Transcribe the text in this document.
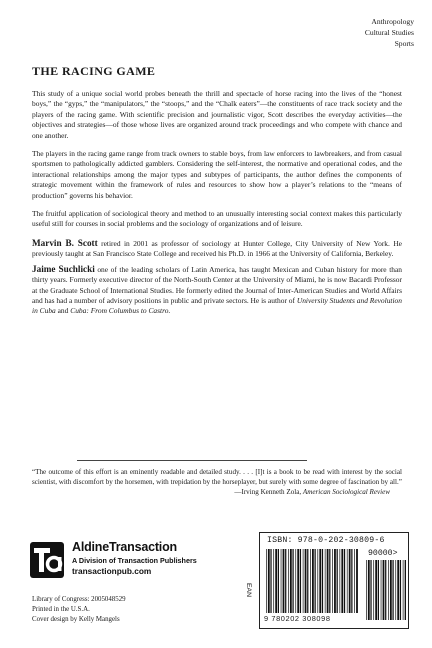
Anthropology
Cultural Studies
Sports
THE RACING GAME

This study of a unique social world probes beneath the thrill and spectacle of horse racing into the lives of the “honest boys,” the “gyps,” the “manipulators,” the “stoops,” and the “Chalk eaters”—the constituents of race track society and the players of the racing game. With scientific precision and journalistic vigor, Scott describes the everyday activities—the objectives and strategies—of those whose lives are organized around track proceedings and who compete with chance and one another.

The players in the racing game range from track owners to stable boys, from law enforcers to lawbreakers, and from casual sportsmen to pathologically addicted gamblers. Considering the self-interest, the normative and operational codes, and the interactional relationships among the major types and subtypes of participants, the author defines the components of strategic movement within the framework of rules and resources to show how a player’s relations to the “means of production” governs his behavior.

The fruitful application of sociological theory and method to an unusually interesting social context makes this particularly useful still for courses in social problems and the sociology of organizations and of leisure.

Marvin B. Scott retired in 2001 as professor of sociology at Hunter College, City University of New York. He previously taught at San Francisco State College and received his Ph.D. in 1966 at the University of California, Berkeley.

Jaime Suchlicki one of the leading scholars of Latin America, has taught Mexican and Cuban history for more than thirty years. Formerly executive director of the North-South Center at the University of Miami, he is now Bacardi Professor at the Graduate School of International Studies. He formerly edited the Journal of Inter-American Studies and World Affairs and has had a number of advisory positions in public and private sectors. He is author of University Students and Revolution in Cuba and Cuba: From Columbus to Castro.

“The outcome of this effort is an eminently readable and detailed study. . . . [I]t is a book to be read with interest by the social scientist, with discomfort by the horsemen, with trepidation by the horseplayer, but surely with some degree of fascination by all.”

—Irving Kenneth Zola, American Sociological Review

AldineTransaction
A Division of Transaction Publishers
transactionpub.com
Library of Congress: 2005048529
Printed in the U.S.A.
Cover design by Kelly Mangels
ISBN: 978-0-202-30809-6
90000>
EAN
9 780202 308098
